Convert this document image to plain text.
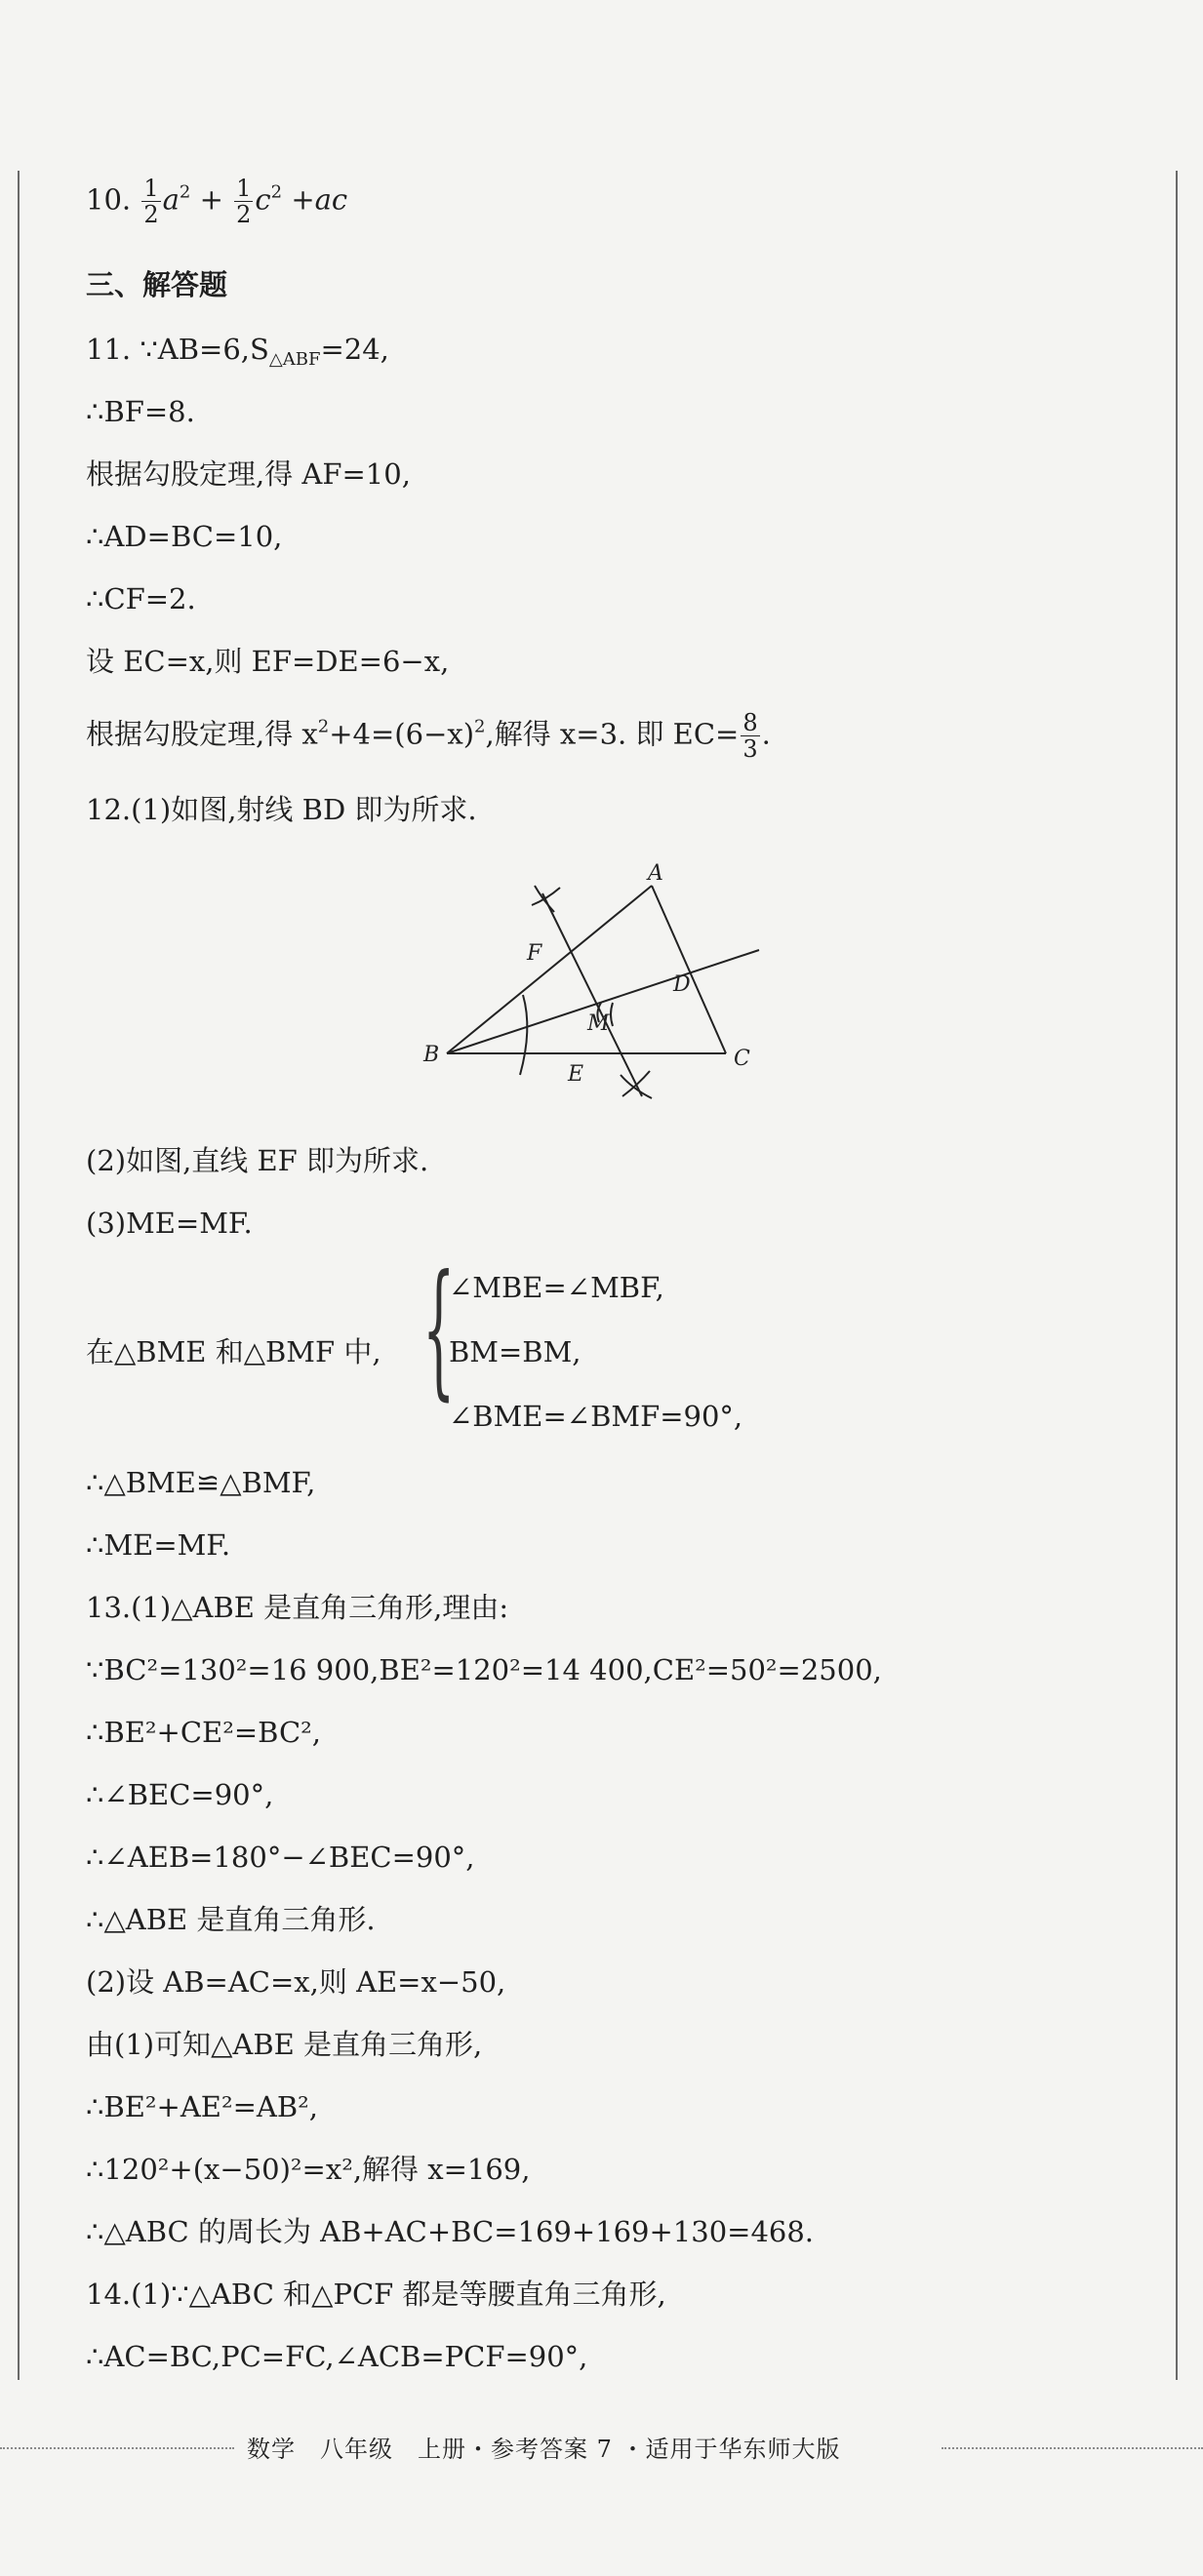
10. $\frac{1}{2} a^2 + \frac{1}{2} c^2 +ac$
三、解答题
11. $\because AB=6,S_{\triangle ABF}=24$,
∴BF=8.
根据勾股定理,得 AF=10,
∴AD=BC=10,
∴CF=2.
设 EC=x,则 EF=DE=6−x,
根据勾股定理,得 $x^2+4=(6-x)^2$,解得 x=3. 即 $EC= \frac{8}{3}$ .
12.(1)如图,射线 BD 即为所求.
A
B	C
D
E
F
M
(2)如图,直线 EF 即为所求.
(3)ME=MF.
在△BME 和△BMF 中, {
∠MBE=∠MBF,
BM=BM,
∠BME=∠BMF=90°,
∴△BME≌△BMF,
∴ME=MF.
13.(1)△ABE 是直角三角形,理由:
∵BC²=130²=16 900,BE²=120²=14 400,CE²=50²=2500,
∴BE²+CE²=BC²,
∴∠BEC=90°,
∴∠AEB=180°−∠BEC=90°,
∴△ABE 是直角三角形.
(2)设 AB=AC=x,则 AE=x−50,
由(1)可知△ABE 是直角三角形,
∴BE²+AE²=AB²,
∴120²+(x−50)²=x²,解得 x=169,
∴△ABC 的周长为 AB+AC+BC=169+169+130=468.
14.(1)∵△ABC 和△PCF 都是等腰直角三角形,
∴AC=BC,PC=FC,∠ACB=PCF=90°,
数学　八年级　上册・参考答案 7 ・适用于华东师大版
